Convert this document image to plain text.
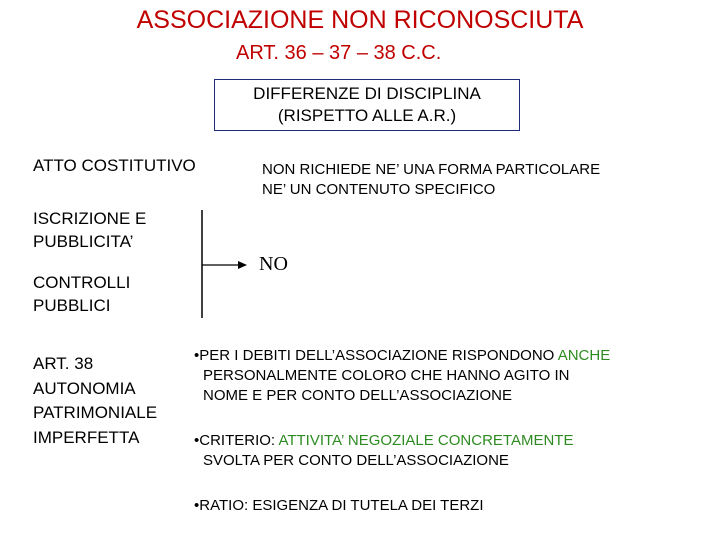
ASSOCIAZIONE NON RICONOSCIUTA
ART. 36 – 37 – 38 C.C.
DIFFERENZE DI DISCIPLINA
(RISPETTO ALLE A.R.)
ATTO COSTITUTIVO	NON RICHIEDE NE’ UNA FORMA PARTICOLARE
NE’ UN CONTENUTO SPECIFICO
ISCRIZIONE E
PUBBLICITA’
CONTROLLI
PUBBLICI
NO
ART. 38
AUTONOMIA
PATRIMONIALE
IMPERFETTA
•PER I DEBITI DELL’ASSOCIAZIONE RISPONDONO ANCHE
PERSONALMENTE COLORO CHE HANNO AGITO IN
NOME E PER CONTO DELL’ASSOCIAZIONE
•CRITERIO: ATTIVITA’ NEGOZIALE CONCRETAMENTE
SVOLTA PER CONTO DELL’ASSOCIAZIONE
•RATIO: ESIGENZA DI TUTELA DEI TERZI
